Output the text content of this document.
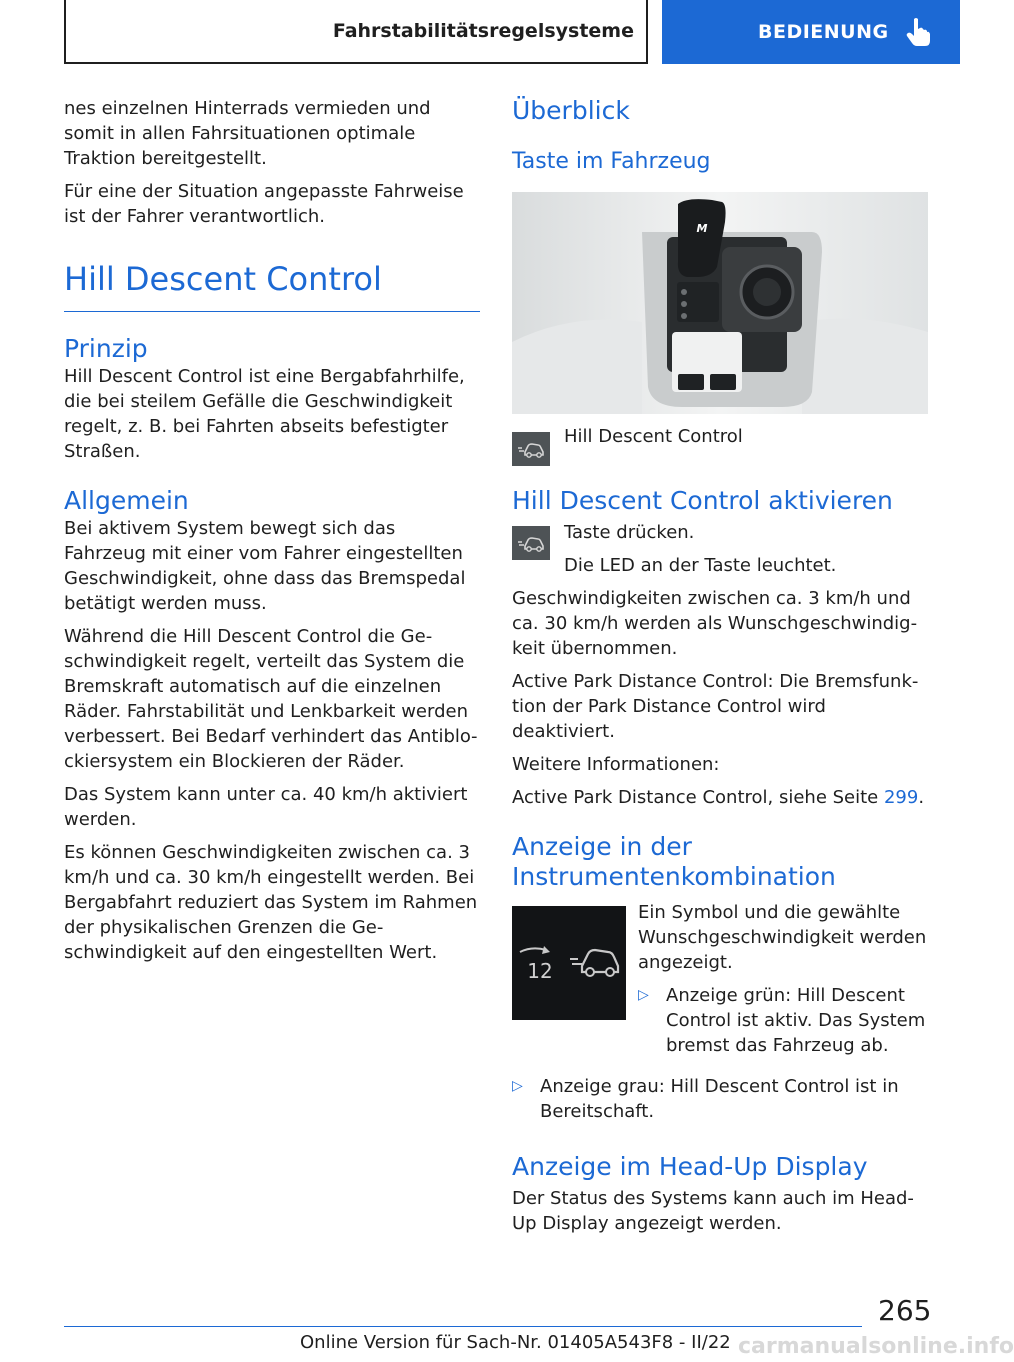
Fahrstabilitätsregelsysteme	BEDIENUNG

nes einzelnen Hinterrads vermieden und somit in allen Fahrsituationen optimale Traktion bereitgestellt.

Für eine der Situation angepasste Fahrweise ist der Fahrer verantwortlich.

Hill Descent Control
Prinzip

Hill Descent Control ist eine Bergabfahrhilfe, die bei steilem Gefälle die Geschwindigkeit regelt, z. B. bei Fahrten abseits befestigter Straßen.

Allgemein

Bei aktivem System bewegt sich das Fahrzeug mit einer vom Fahrer eingestellten Geschwindigkeit, ohne dass das Bremspedal betätigt werden muss.

Während die Hill Descent Control die Geschwindigkeit regelt, verteilt das System die Bremskraft automatisch auf die einzelnen Räder. Fahrstabilität und Lenkbarkeit werden verbessert. Bei Bedarf verhindert das Antiblockiersystem ein Blockieren der Räder.

Das System kann unter ca. 40 km/h aktiviert werden.

Es können Geschwindigkeiten zwischen ca. 3 km/h und ca. 30 km/h eingestellt werden. Bei Bergabfahrt reduziert das System im Rahmen der physikalischen Grenzen die Geschwindigkeit auf den eingestellten Wert.

Überblick
Taste im Fahrzeug
M

Hill Descent Control

Hill Descent Control aktivieren

Taste drücken.

Die LED an der Taste leuchtet.

Geschwindigkeiten zwischen ca. 3 km/h und ca. 30 km/h werden als Wunschgeschwindigkeit übernommen.

Active Park Distance Control: Die Bremsfunktion der Park Distance Control wird deaktiviert.

Weitere Informationen:

Active Park Distance Control, siehe Seite 299.

Anzeige in der
Instrumentenkombination
12

Ein Symbol und die gewählte Wunschgeschwindigkeit werden angezeigt.

▷ Anzeige grün: Hill Descent Control ist aktiv. Das System bremst das Fahrzeug ab.
▷ Anzeige grau: Hill Descent Control ist in Bereitschaft.
Anzeige im Head-Up Display

Der Status des Systems kann auch im Head-Up Display angezeigt werden.

265
Online Version für Sach-Nr. 01405A543F8 - II/22 carmanualsonline.info
